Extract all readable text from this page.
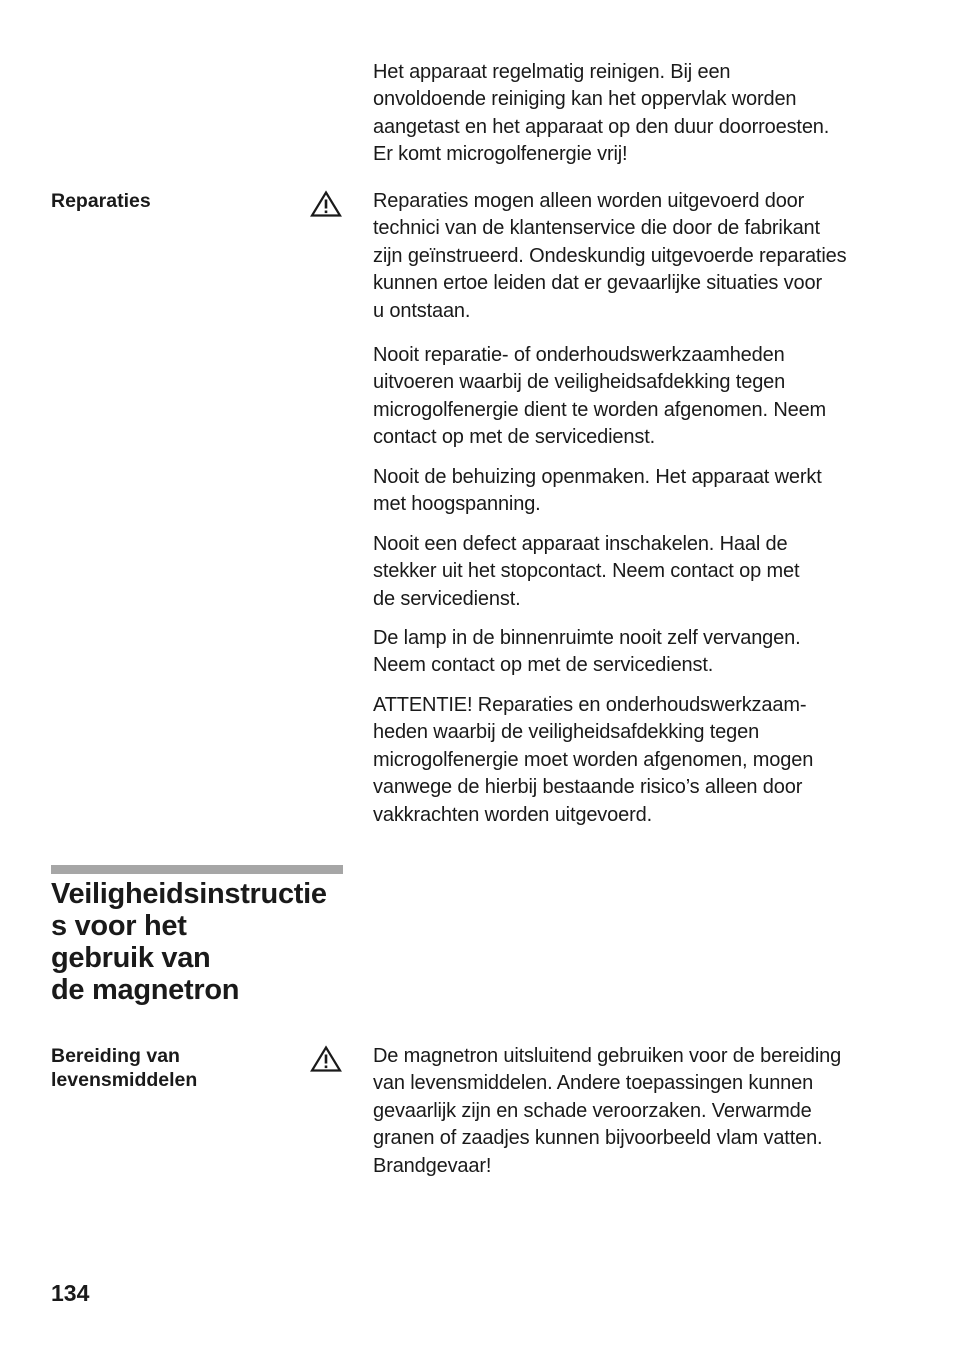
Het apparaat regelmatig reinigen. Bij een
onvoldoende reiniging kan het oppervlak worden
aangetast en het apparaat op den duur doorroesten.
Er komt microgolfenergie vrij!

Reparaties	Reparaties mogen alleen worden uitgevoerd door
technici van de klantenservice die door de fabrikant
zijn geïnstrueerd. Ondeskundig uitgevoerde reparaties
kunnen ertoe leiden dat er gevaarlijke situaties voor
u ontstaan.

Nooit reparatie- of onderhoudswerkzaamheden
uitvoeren waarbij de veiligheidsafdekking tegen
microgolfenergie dient te worden afgenomen. Neem
contact op met de servicedienst.

Nooit de behuizing openmaken. Het apparaat werkt
met hoogspanning.

Nooit een defect apparaat inschakelen. Haal de
stekker uit het stopcontact. Neem contact op met
de servicedienst.

De lamp in de binnenruimte nooit zelf vervangen.
Neem contact op met de servicedienst.

ATTENTIE! Reparaties en onderhoudswerkzaam-
heden waarbij de veiligheidsafdekking tegen
microgolfenergie moet worden afgenomen, mogen
vanwege de hierbij bestaande risico’s alleen door
vakkrachten worden uitgevoerd.

Veiligheidsinstructie
s voor het
gebruik van
de magnetron

Bereiding van
levensmiddelen

De magnetron uitsluitend gebruiken voor de bereiding
van levensmiddelen. Andere toepassingen kunnen
gevaarlijk zijn en schade veroorzaken. Verwarmde
granen of zaadjes kunnen bijvoorbeeld vlam vatten.
Brandgevaar!

134
